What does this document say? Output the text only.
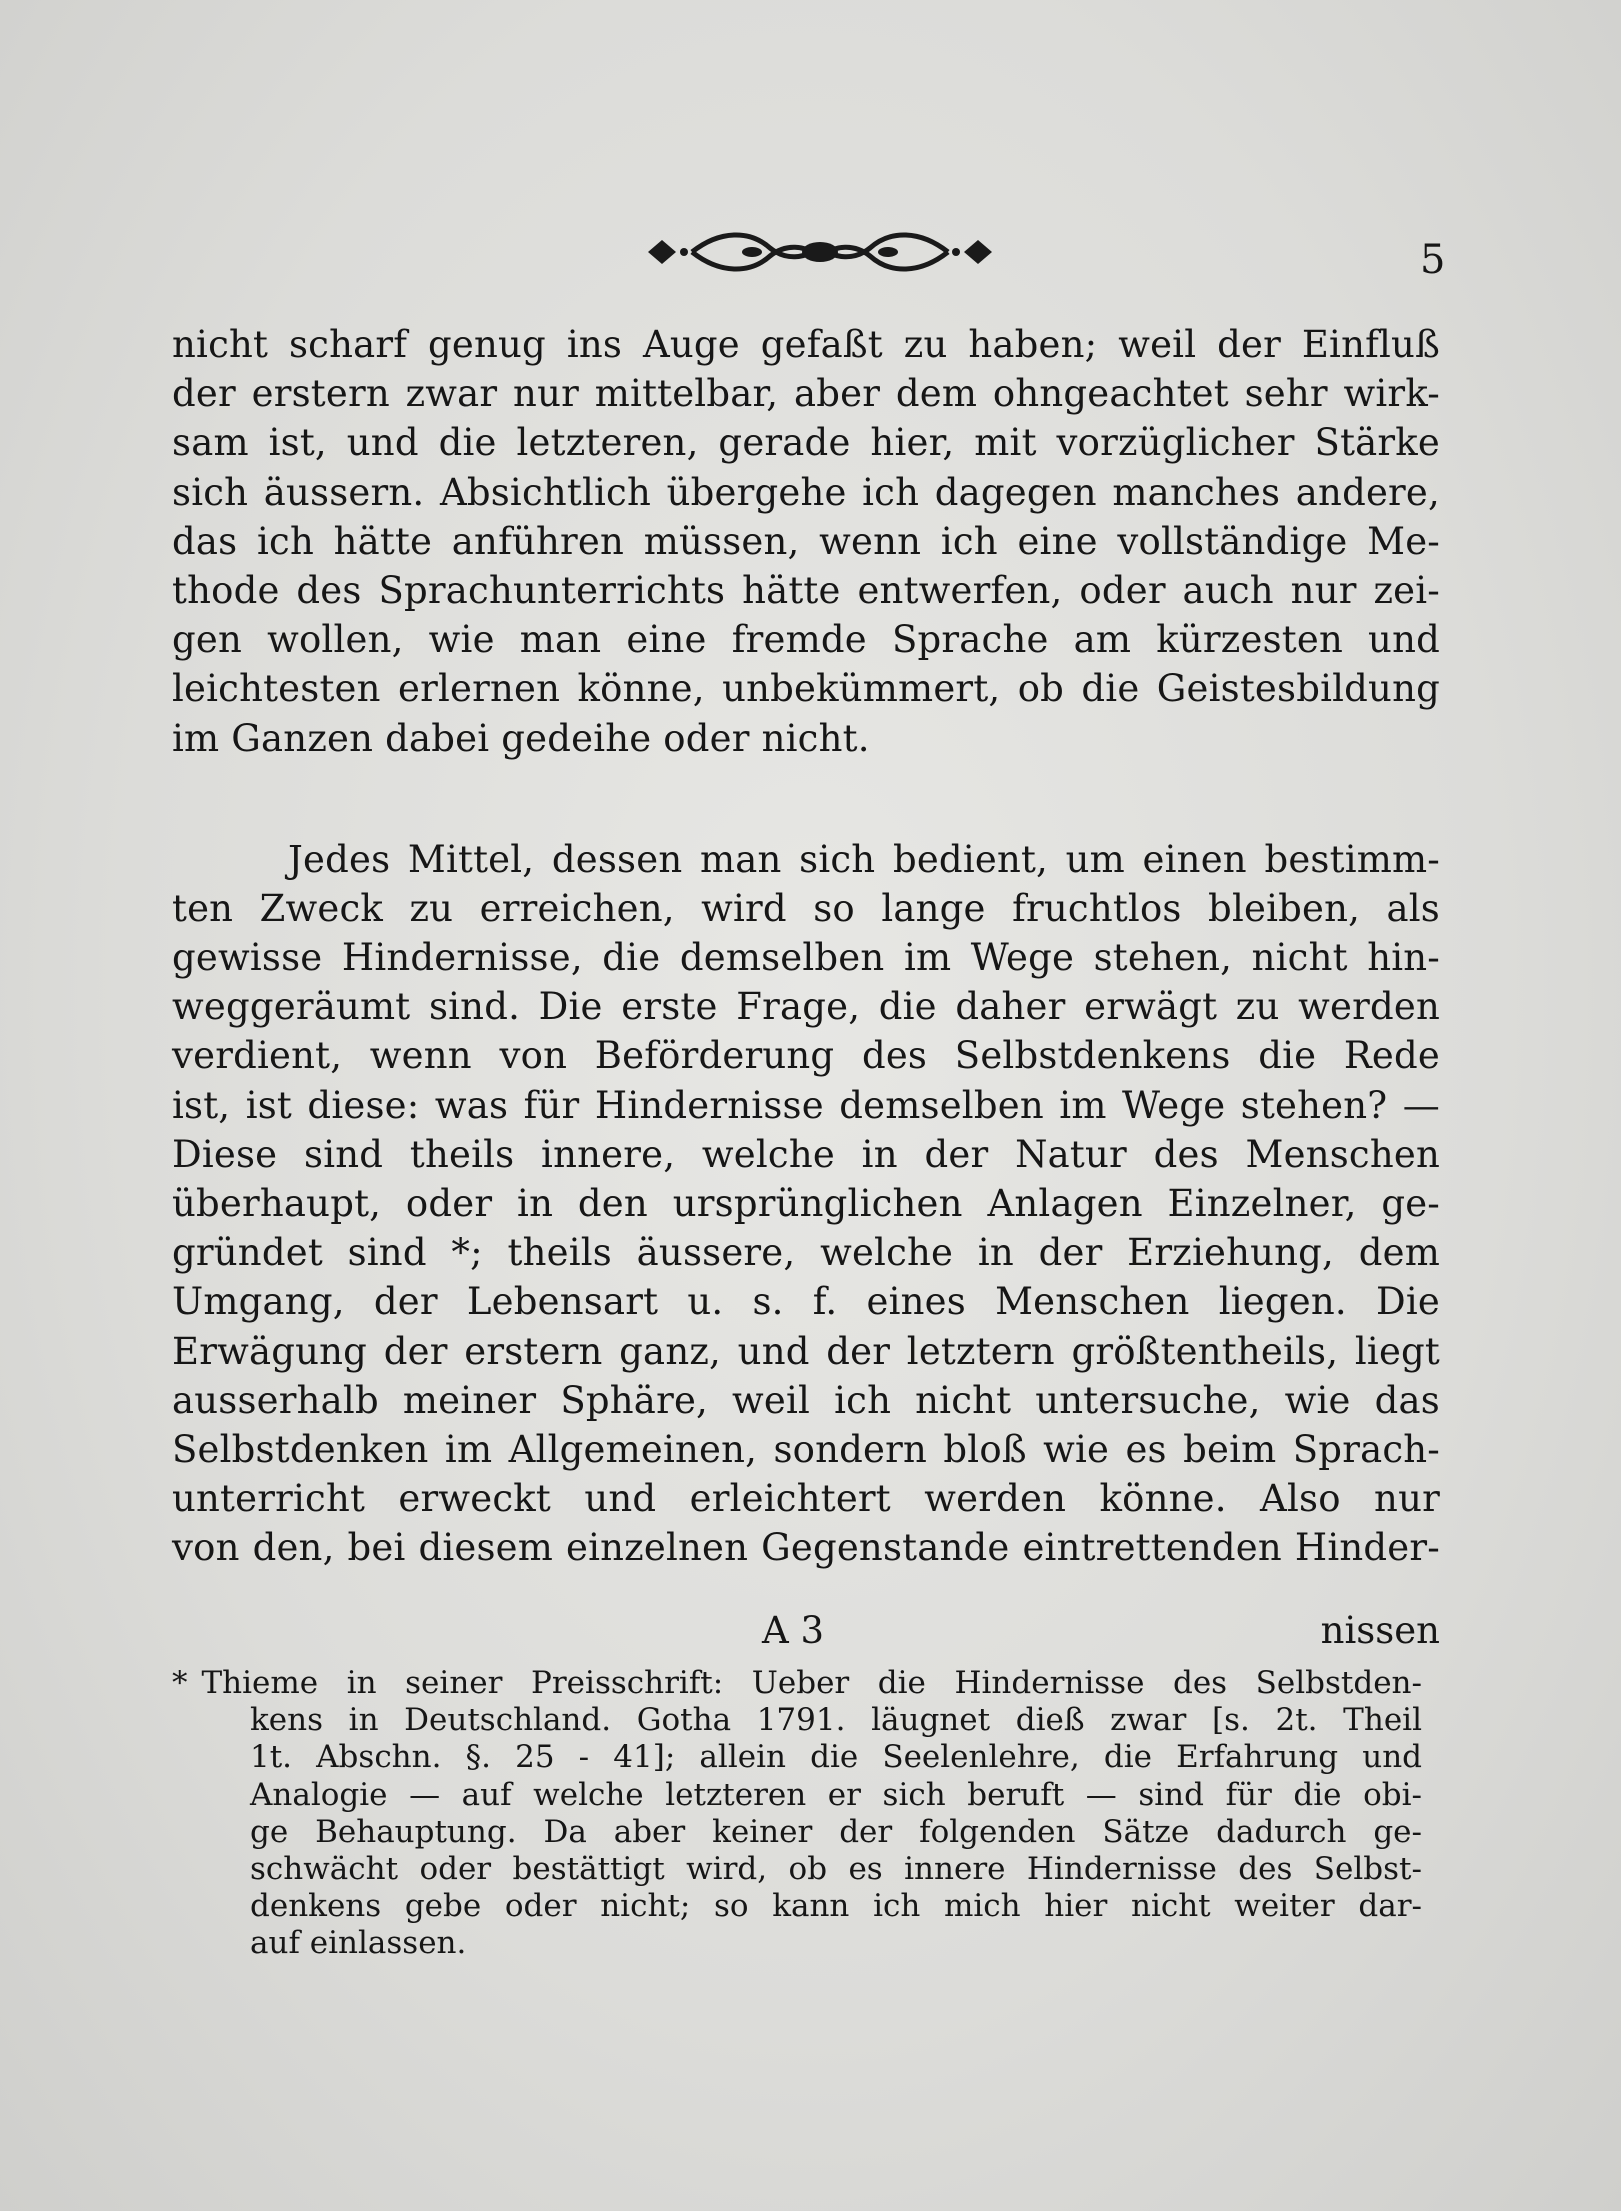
5
nicht scharf genug ins Auge gefaßt zu haben; weil der Einfluß
der erstern zwar nur mittelbar, aber dem ohngeachtet sehr wirk-
sam ist, und die letzteren, gerade hier, mit vorzüglicher Stärke
sich äussern. Absichtlich übergehe ich dagegen manches andere,
das ich hätte anführen müssen, wenn ich eine vollständige Me-
thode des Sprachunterrichts hätte entwerfen, oder auch nur zei-
gen wollen, wie man eine fremde Sprache am kürzesten und
leichtesten erlernen könne, unbekümmert, ob die Geistesbildung
im Ganzen dabei gedeihe oder nicht.
Jedes Mittel, dessen man sich bedient, um einen bestimm-
ten Zweck zu erreichen, wird so lange fruchtlos bleiben, als
gewisse Hindernisse, die demselben im Wege stehen, nicht hin-
weggeräumt sind. Die erste Frage, die daher erwägt zu werden
verdient, wenn von Beförderung des Selbstdenkens die Rede
ist, ist diese: was für Hindernisse demselben im Wege stehen? —
Diese sind theils innere, welche in der Natur des Menschen
überhaupt, oder in den ursprünglichen Anlagen Einzelner, ge-
gründet sind *; theils äussere, welche in der Erziehung, dem
Umgang, der Lebensart u. s. f. eines Menschen liegen. Die
Erwägung der erstern ganz, und der letztern größtentheils, liegt
ausserhalb meiner Sphäre, weil ich nicht untersuche, wie das
Selbstdenken im Allgemeinen, sondern bloß wie es beim Sprach-
unterricht erweckt und erleichtert werden könne. Also nur
von den, bei diesem einzelnen Gegenstande eintrettenden Hinder-
A 3	nissen
* Thieme in seiner Preisschrift: Ueber die Hindernisse des Selbstden-
kens in Deutschland. Gotha 1791. läugnet dieß zwar [s. 2t. Theil
1t. Abschn. §. 25 - 41]; allein die Seelenlehre, die Erfahrung und
Analogie — auf welche letzteren er sich beruft — sind für die obi-
ge Behauptung. Da aber keiner der folgenden Sätze dadurch ge-
schwächt oder bestättigt wird, ob es innere Hindernisse des Selbst-
denkens gebe oder nicht; so kann ich mich hier nicht weiter dar-
auf einlassen.
